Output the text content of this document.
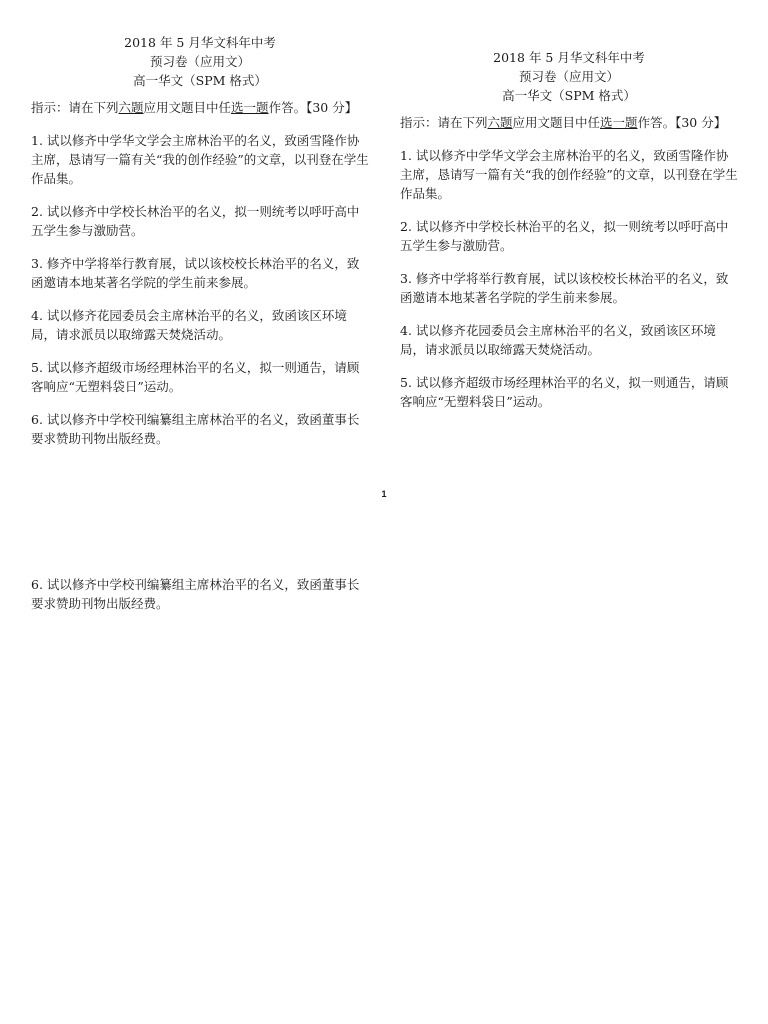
2018 年 5 月华文科年中考
预习卷（应用文）
高一华文（SPM 格式）
指示：请在下列六题应用文题目中任选一题作答。【30 分】
1. 试以修齐中学华文学会主席林治平的名义，致函雪隆作协主席，恳请写一篇有关“我的创作经验”的文章，以刊登在学生作品集。
2. 试以修齐中学校长林治平的名义，拟一则统考以呼吁高中五学生参与激励营。
3. 修齐中学将举行教育展，试以该校校长林治平的名义，致函邀请本地某著名学院的学生前来参展。
4. 试以修齐花园委员会主席林治平的名义，致函该区环境局，请求派员以取缔露天焚烧活动。
5. 试以修齐超级市场经理林治平的名义，拟一则通告，请顾客响应“无塑料袋日”运动。
6. 试以修齐中学校刊编纂组主席林治平的名义，致函董事长要求赞助刊物出版经费。
2018 年 5 月华文科年中考
预习卷（应用文）
高一华文（SPM 格式）
指示：请在下列六题应用文题目中任选一题作答。【30 分】
1. 试以修齐中学华文学会主席林治平的名义，致函雪隆作协主席，恳请写一篇有关“我的创作经验”的文章，以刊登在学生作品集。
2. 试以修齐中学校长林治平的名义，拟一则统考以呼吁高中五学生参与激励营。
3. 修齐中学将举行教育展，试以该校校长林治平的名义，致函邀请本地某著名学院的学生前来参展。
4. 试以修齐花园委员会主席林治平的名义，致函该区环境局，请求派员以取缔露天焚烧活动。
5. 试以修齐超级市场经理林治平的名义，拟一则通告，请顾客响应“无塑料袋日”运动。
1
6. 试以修齐中学校刊编纂组主席林治平的名义，致函董事长要求赞助刊物出版经费。
